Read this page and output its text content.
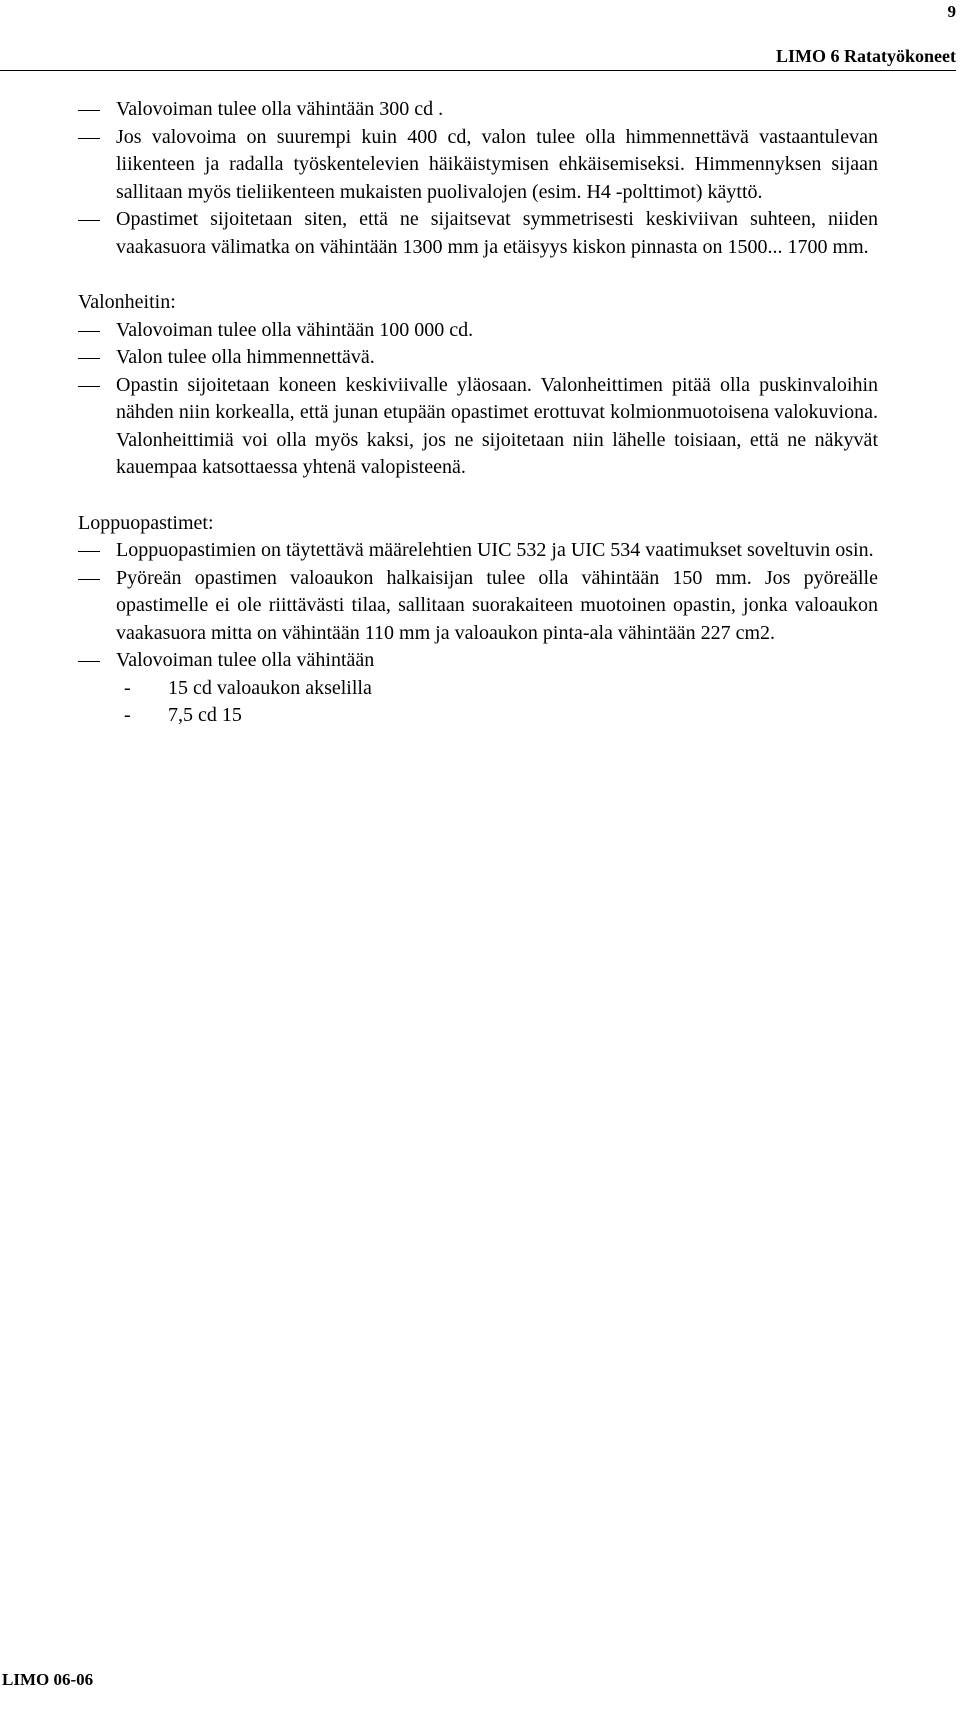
9
LIMO 6 Ratatyökoneet
Valovoiman tulee olla vähintään 300 cd .
Jos valovoima on suurempi kuin 400 cd, valon tulee olla himmennettävä vastaantulevan liikenteen ja radalla työskentelevien häikäistymisen ehkäisemiseksi. Himmennyksen sijaan sallitaan myös tieliikenteen mukaisten puolivalojen (esim. H4 -polttimot) käyttö.
Opastimet sijoitetaan siten, että ne sijaitsevat symmetrisesti keskiviivan suhteen, niiden vaakasuora välimatka on vähintään 1300 mm ja etäisyys kiskon pinnasta on 1500... 1700 mm.
Valonheitin:
Valovoiman tulee olla vähintään 100 000 cd.
Valon tulee olla himmennettävä.
Opastin sijoitetaan koneen keskiviivalle yläosaan. Valonheittimen pitää olla puskinvaloihin nähden niin korkealla, että junan etupään opastimet erottuvat kolmionmuotoisena valokuviona. Valonheittimiä voi olla myös kaksi, jos ne sijoitetaan niin lähelle toisiaan, että ne näkyvät kauempaa katsottaessa yhtenä valopisteenä.
Loppuopastimet:
Loppuopastimien on täytettävä määrelehtien UIC 532 ja UIC 534 vaatimukset soveltuvin osin.
Pyöreän opastimen valoaukon halkaisijan tulee olla vähintään 150 mm. Jos pyöreälle opastimelle ei ole riittävästi tilaa, sallitaan suorakaiteen muotoinen opastin, jonka valoaukon vaakasuora mitta on vähintään 110 mm ja valoaukon pinta-ala vähintään 227 cm2.
Valovoiman tulee olla vähintään
- 15 cd valoaukon akselilla
- 7,5 cd 15
LIMO 06-06
